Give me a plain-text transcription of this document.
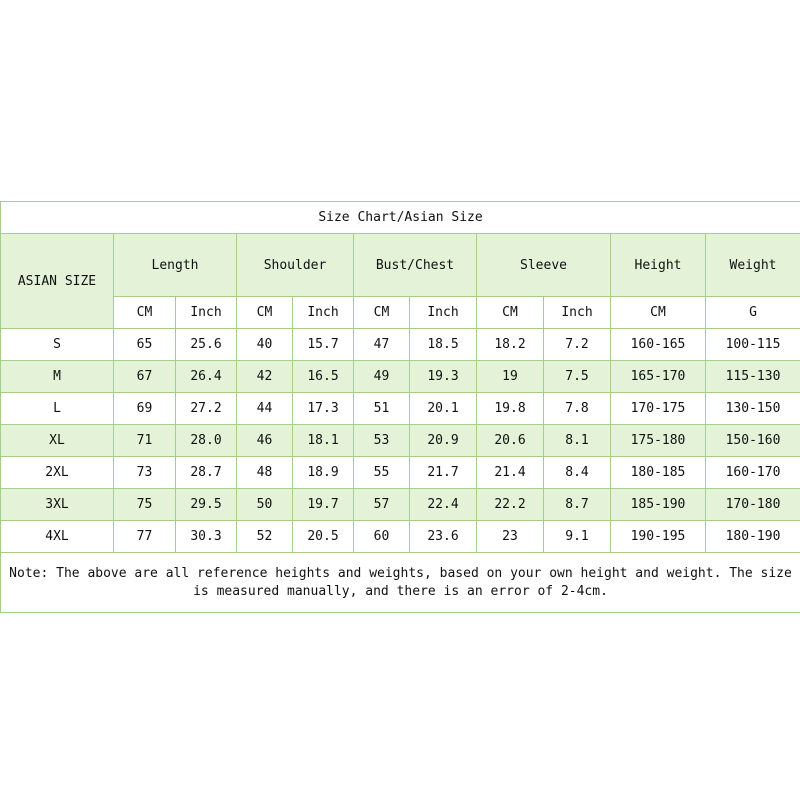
Size Chart/Asian Size										
ASIAN SIZE	Length		Shoulder		Bust/Chest		Sleeve		Height	Weight
	CM	Inch	CM	Inch	CM	Inch	CM	Inch	CM	G
S	65	25.6	40	15.7	47	18.5	18.2	7.2	160-165	100-115
M	67	26.4	42	16.5	49	19.3	19	7.5	165-170	115-130
L	69	27.2	44	17.3	51	20.1	19.8	7.8	170-175	130-150
XL	71	28.0	46	18.1	53	20.9	20.6	8.1	175-180	150-160
2XL	73	28.7	48	18.9	55	21.7	21.4	8.4	180-185	160-170
3XL	75	29.5	50	19.7	57	22.4	22.2	8.7	185-190	170-180
4XL	77	30.3	52	20.5	60	23.6	23	9.1	190-195	180-190
Note: The above are all reference heights and weights, based on your own height and weight. The size is measured manually, and there is an error of 2-4cm.										
